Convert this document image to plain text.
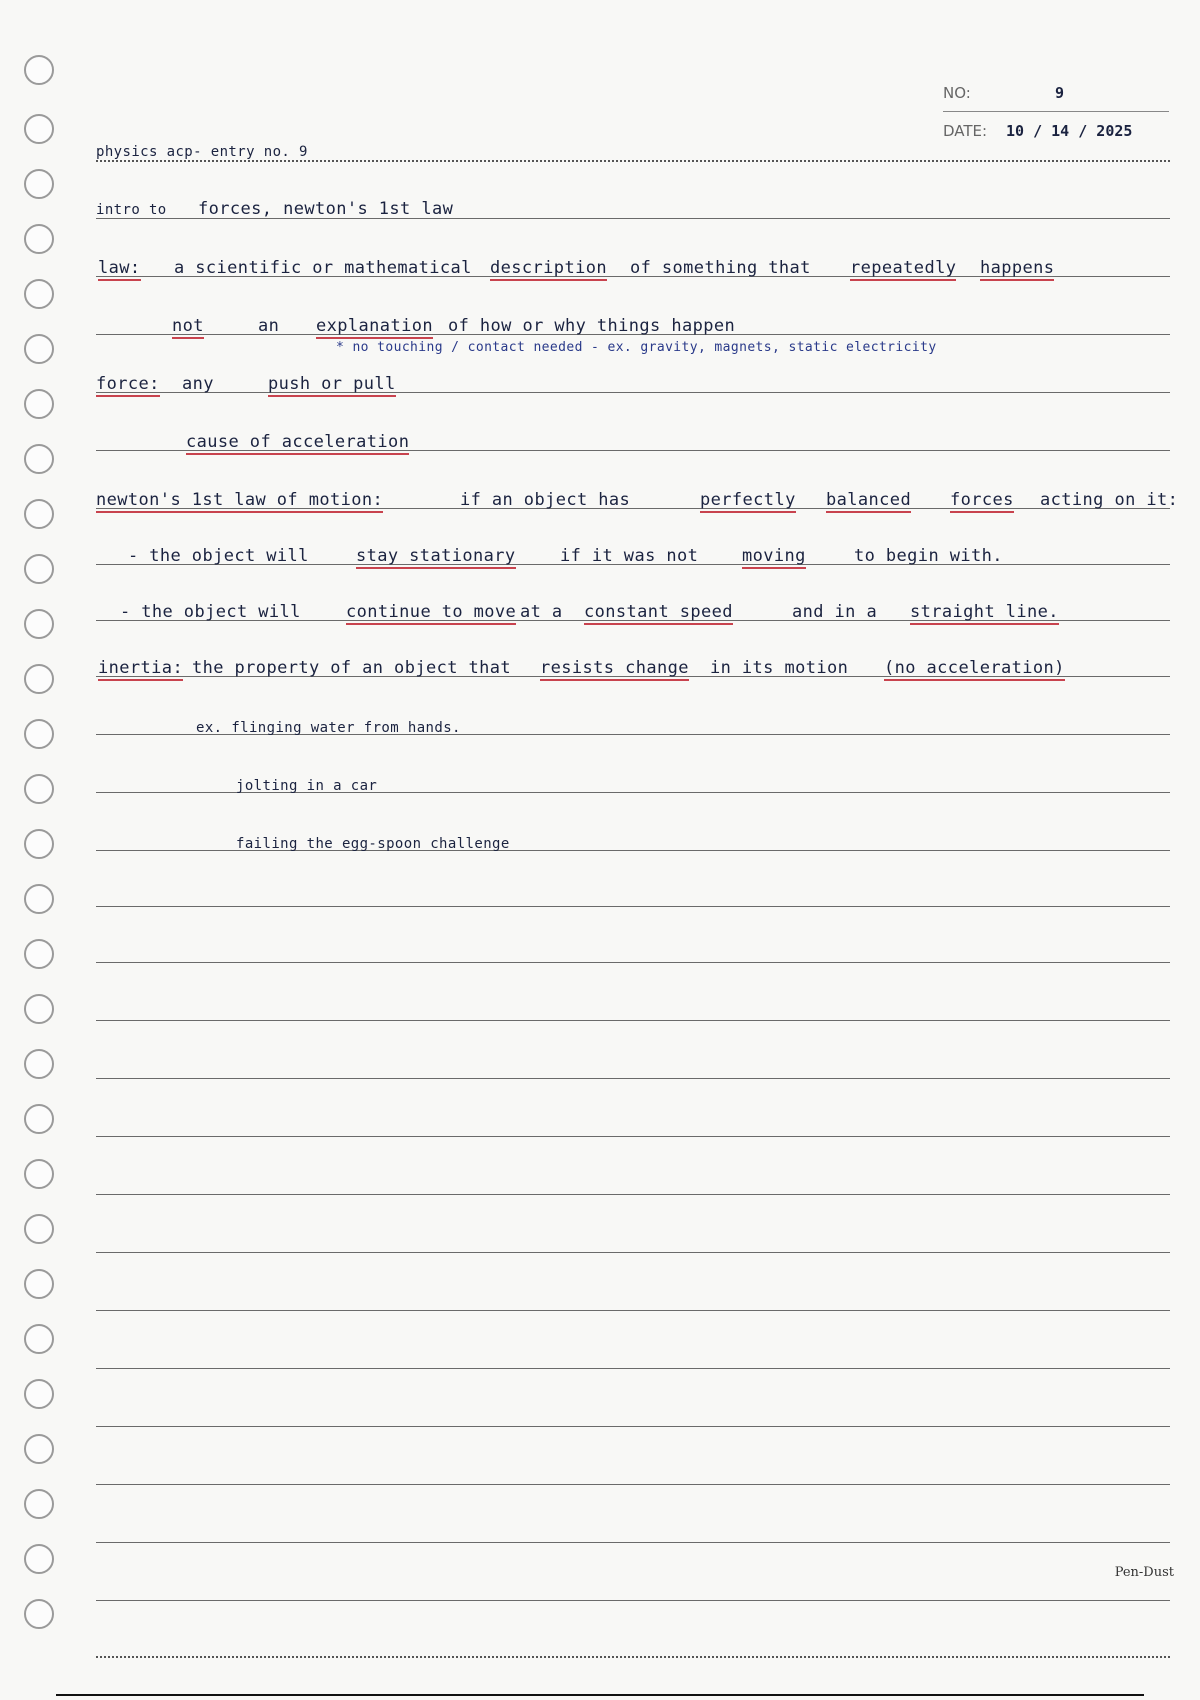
NO:	9
DATE: 10 / 14 / 2025
physics acp- entry no. 9
intro to forces, newton's 1st law
law: a scientific or mathematical description of something that repeatedly happens
not	an explanation of how or why things happen
* no touching / contact needed - ex. gravity, magnets, static electricity
force: any	push or pull
cause of acceleration
newton's 1st law of motion:	if an object has	perfectly balanced forces acting on it:
- the object will	stay stationary	if it was not	moving	to begin with.
- the object will	continue to move at a constant speed	and in a straight line.
inertia: the property of an object that resists change in its motion (no acceleration)
ex. flinging water from hands.
jolting in a car
failing the egg-spoon challenge
Pen-Dust
